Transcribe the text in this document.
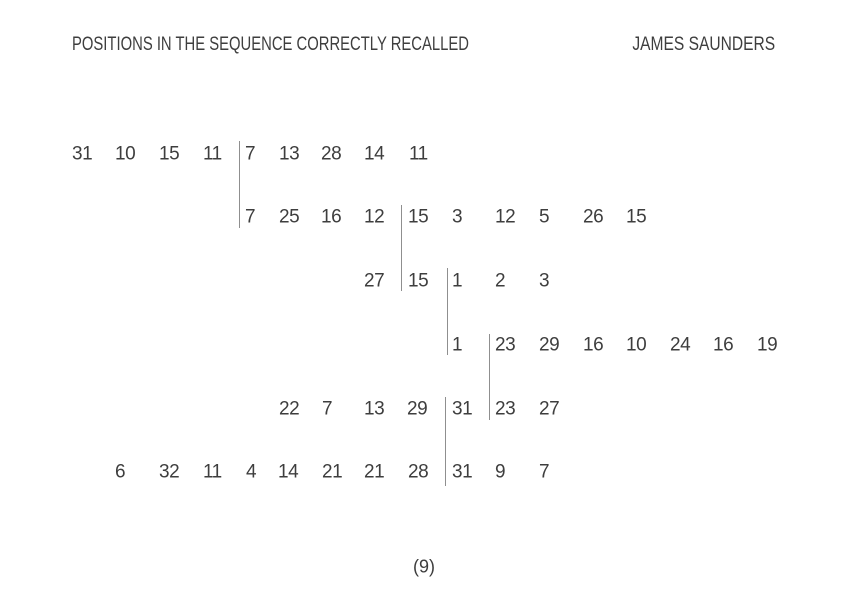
POSITIONS IN THE SEQUENCE CORRECTLY RECALLED	JAMES SAUNDERS
31 10 15 11 7 13 28 14 11
7 25 16 12 15 3 12 5 26 15
27 15 1 2 3
1 23 29 16 10 24 16 19
22 7 13 29 31 23 27
6 32 11 4 14 21 21 28 31 9 7
(9)
